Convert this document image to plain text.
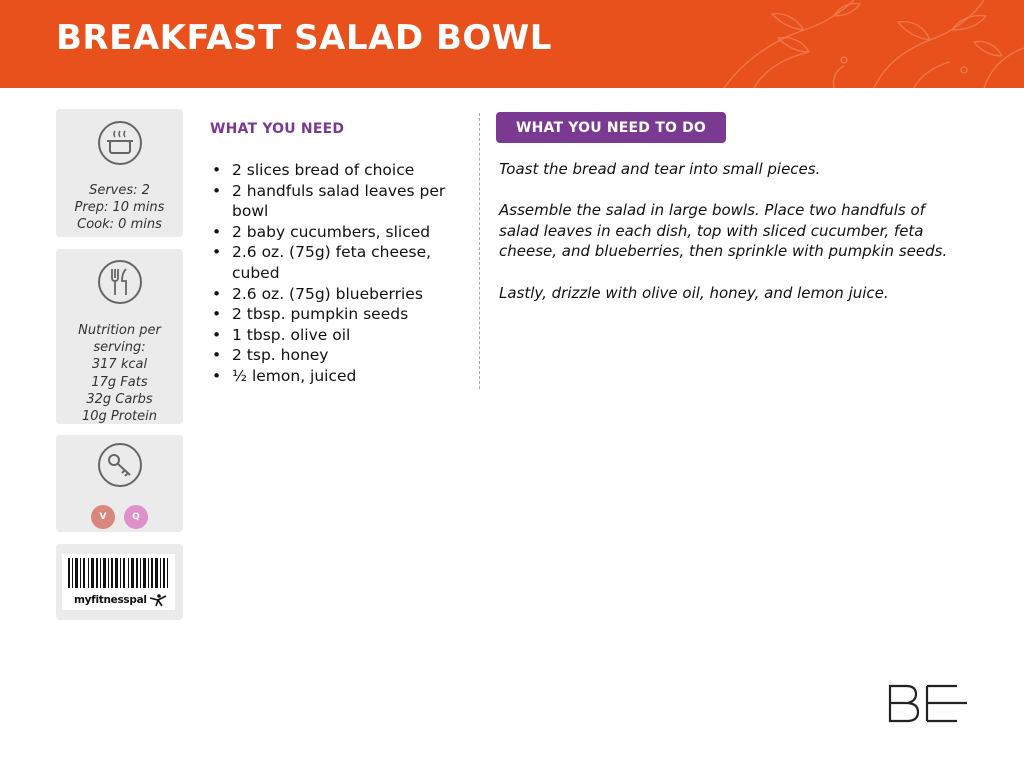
BREAKFAST SALAD BOWL
Serves: 2
Prep: 10 mins
Cook: 0 mins
Nutrition per
serving:
317 kcal
17g Fats
32g Carbs
10g Protein
V	Q
myfitnesspal
WHAT YOU NEED
• 2 slices bread of choice
• 2 handfuls salad leaves per bowl
• 2 baby cucumbers, sliced
• 2.6 oz. (75g) feta cheese, cubed
• 2.6 oz. (75g) blueberries
• 2 tbsp. pumpkin seeds
• 1 tbsp. olive oil
• 2 tsp. honey
• ½ lemon, juiced
WHAT YOU NEED TO DO

Toast the bread and tear into small pieces.

Assemble the salad in large bowls. Place two handfuls of salad leaves in each dish, top with sliced cucumber, feta cheese, and blueberries, then sprinkle with pumpkin seeds.

Lastly, drizzle with olive oil, honey, and lemon juice.

BE
